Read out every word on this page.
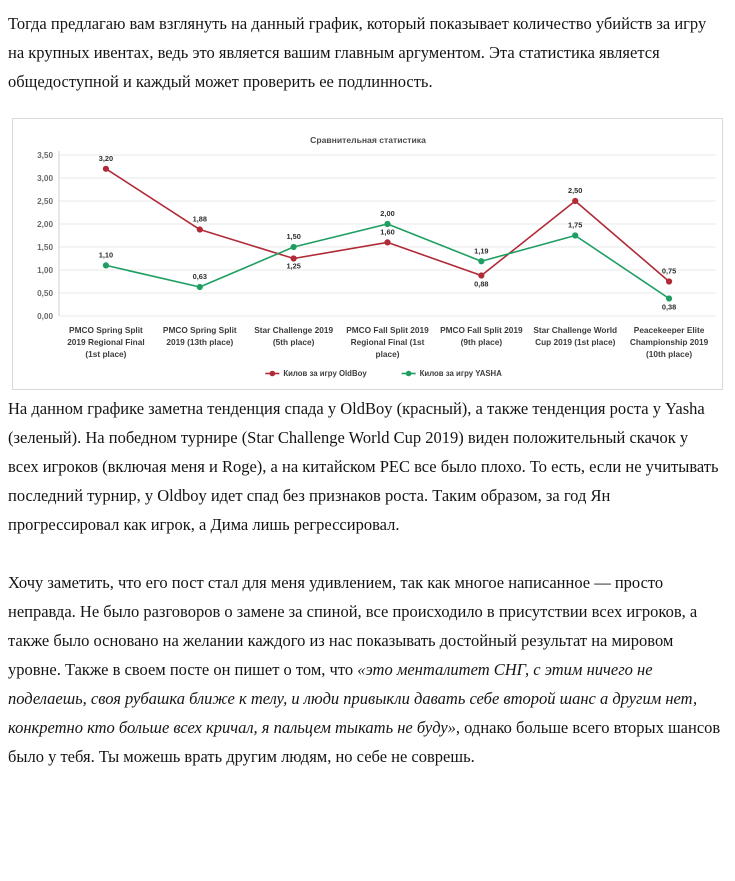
Тогда предлагаю вам взглянуть на данный график, который показывает количество убийств за игру на крупных ивентах, ведь это является вашим главным аргументом. Эта статистика является общедоступной и каждый может проверить ее подлинность.

Сравнительная статистика
0,00
0,50
1,00
1,50
2,00
2,50
3,00
3,50	3,20
1,88
1,25
1,60
0,88
2,50
0,75
1,10
0,63
1,50
2,00
1,19
1,75
0,38
PMCO Spring Split
2019 Regional Final
(1st place)
PMCO Spring Split
2019 (13th place)
Star Challenge 2019
(5th place)
PMCO Fall Split 2019
Regional Final (1st
place)
PMCO Fall Split 2019
(9th place)
Star Challenge World
Cup 2019 (1st place)
Peacekeeper Elite
Championship 2019
(10th place)
Килов за игру OldBoy	Килов за игру YASHA

На данном графике заметна тенденция спада у OldBoy (красный), а также тенденция роста у Yasha (зеленый). На победном турнире (Star Challenge World Cup 2019) виден положительный скачок у всех игроков (включая меня и Roge), а на китайском PEC все было плохо. То есть, если не учитывать последний турнир, у Oldboy идет спад без признаков роста. Таким образом, за год Ян прогрессировал как игрок, а Дима лишь регрессировал.

Хочу заметить, что его пост стал для меня удивлением, так как многое написанное — просто неправда. Не было разговоров о замене за спиной, все происходило в присутствии всех игроков, а также было основано на желании каждого из нас показывать достойный результат на мировом уровне. Также в своем посте он пишет о том, что «это менталитет СНГ, с этим ничего не поделаешь, своя рубашка ближе к телу, и люди привыкли давать себе второй шанс а другим нет, конкретно кто больше всех кричал, я пальцем тыкать не буду», однако больше всего вторых шансов было у тебя. Ты можешь врать другим людям, но себе не соврешь.
